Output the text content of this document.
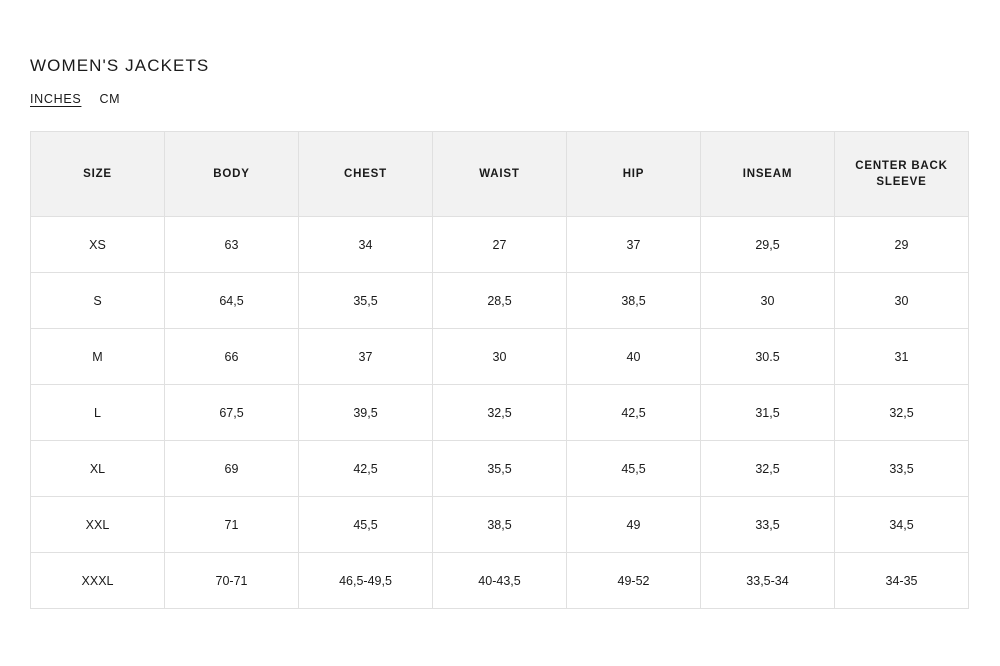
WOMEN'S JACKETS
INCHES CM
SIZE	BODY	CHEST	WAIST	HIP	INSEAM	CENTER BACK SLEEVE
XS	63	34	27	37	29,5	29
S	64,5	35,5	28,5	38,5	30	30
M	66	37	30	40	30.5	31
L	67,5	39,5	32,5	42,5	31,5	32,5
XL	69	42,5	35,5	45,5	32,5	33,5
XXL	71	45,5	38,5	49	33,5	34,5
XXXL	70-71	46,5-49,5	40-43,5	49-52	33,5-34	34-35
